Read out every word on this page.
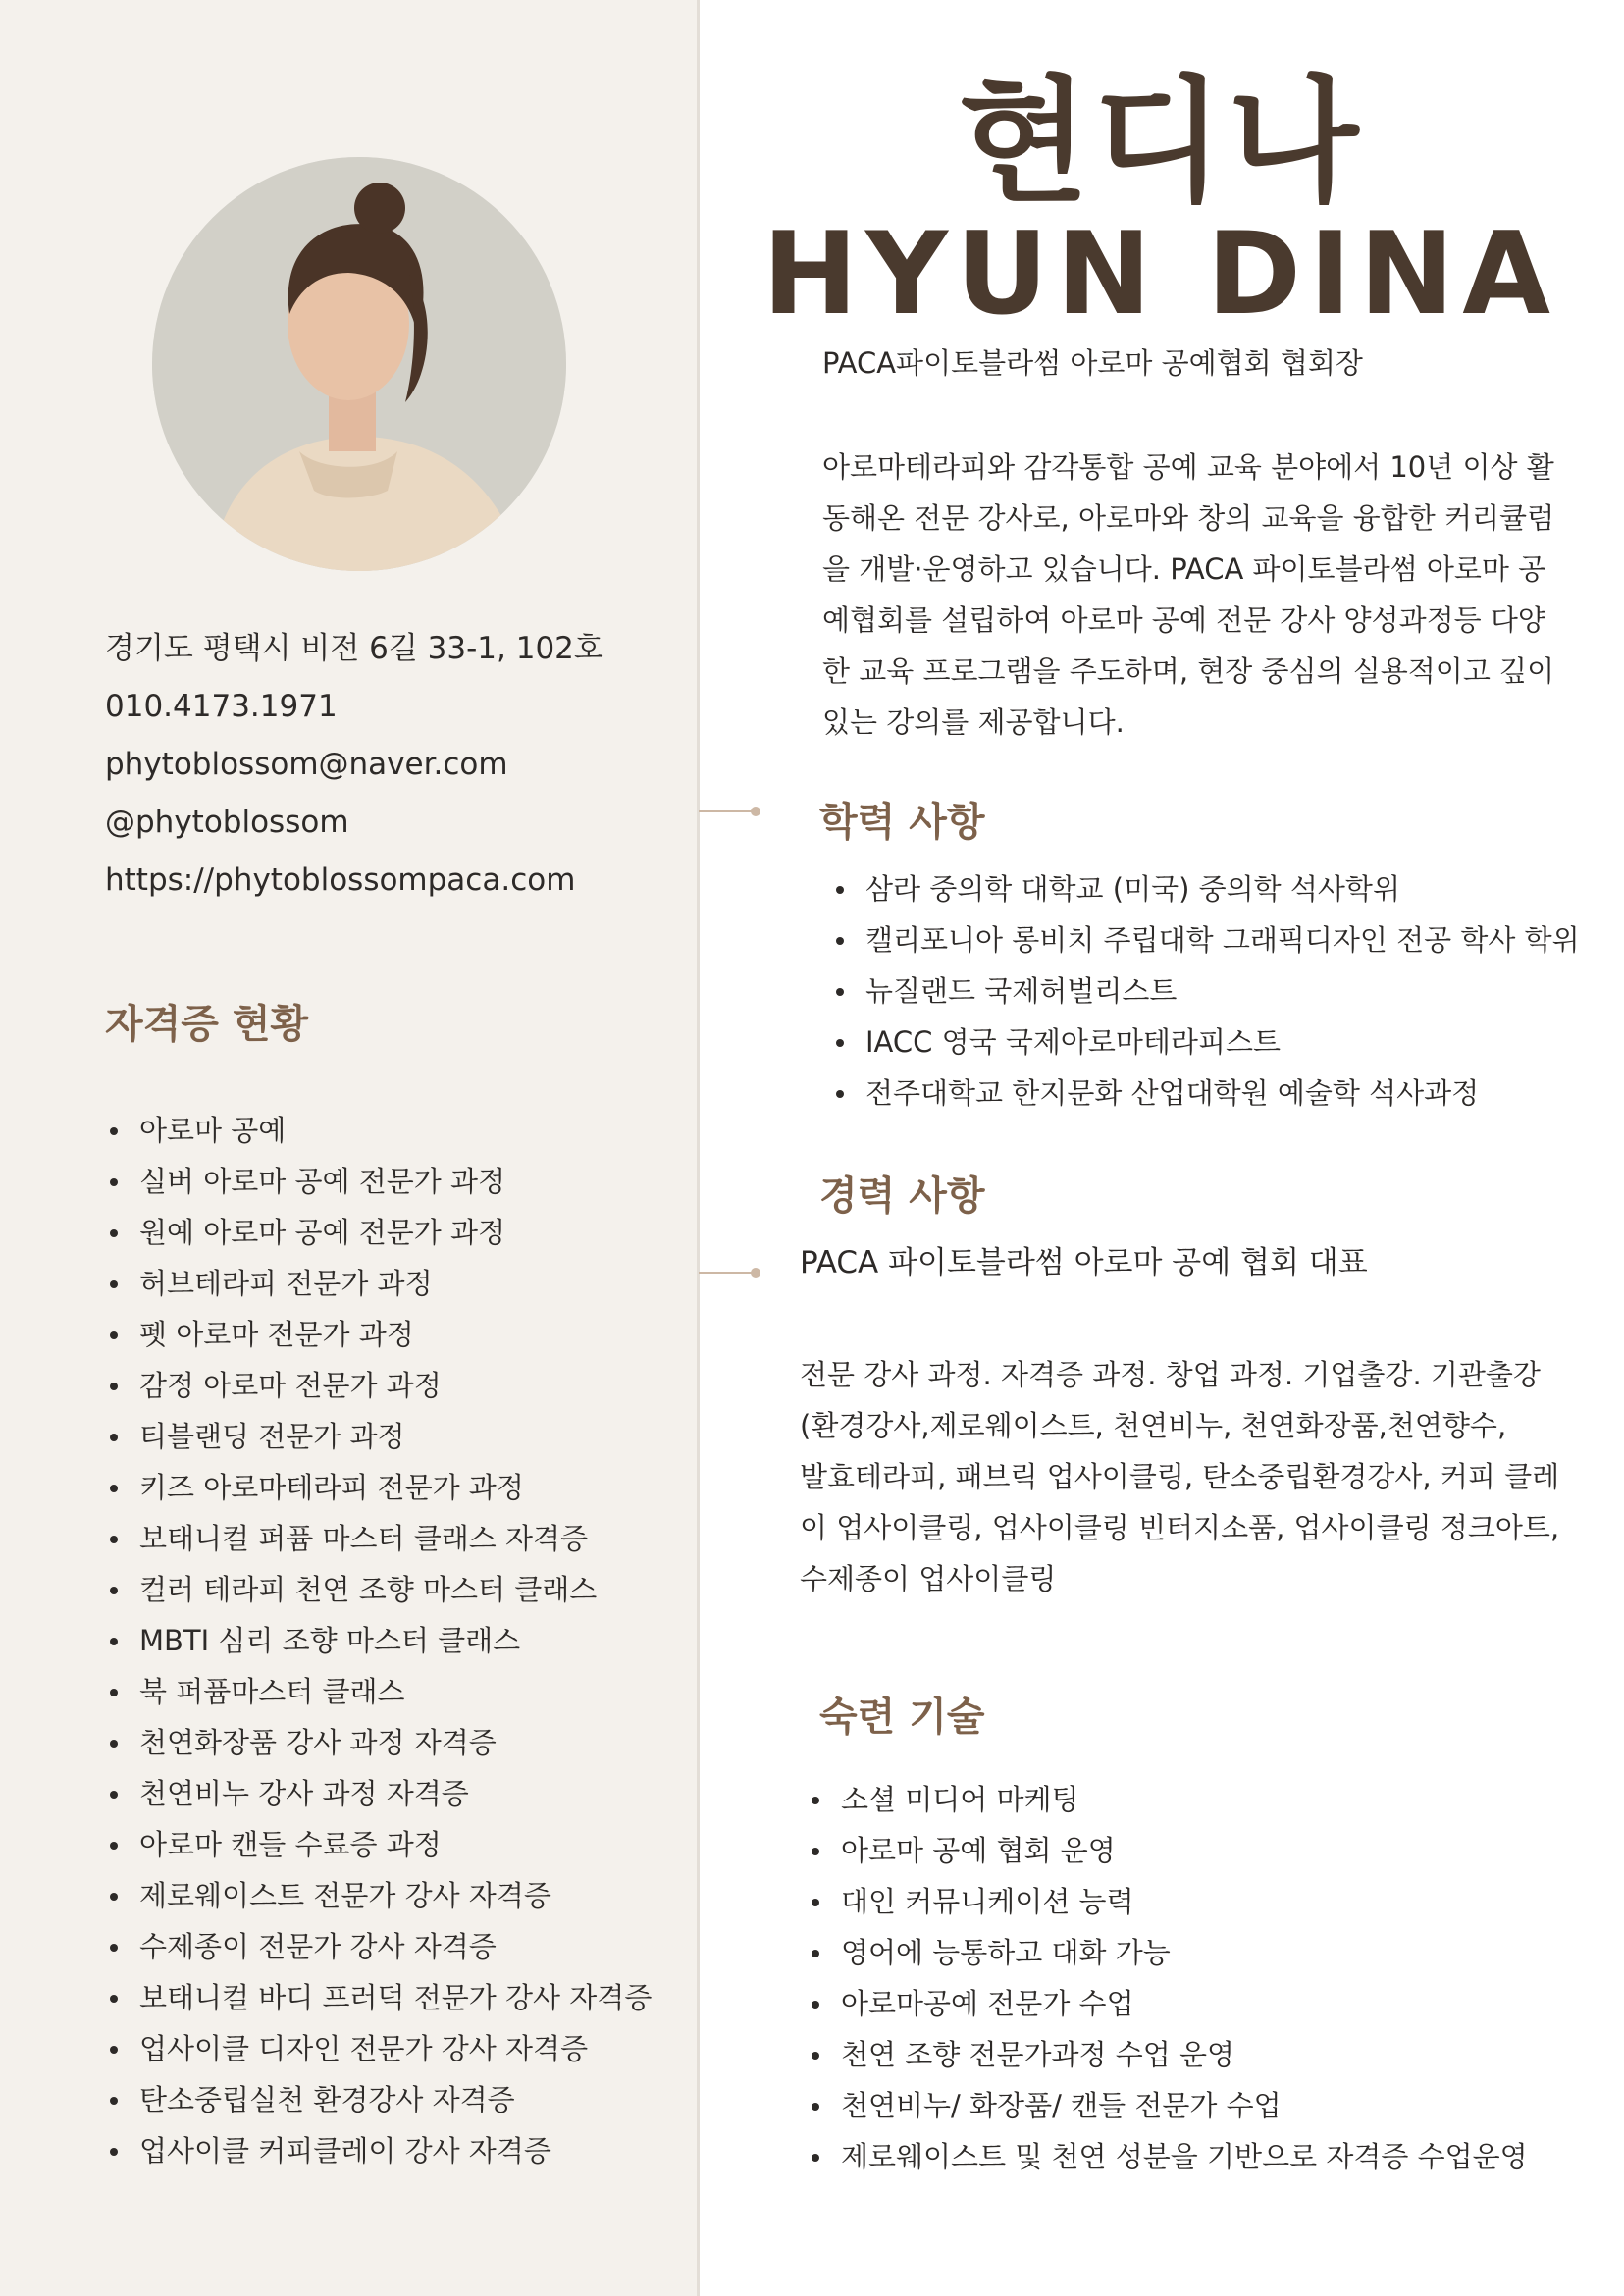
경기도 평택시 비전 6길 33-1, 102호
010.4173.1971
phytoblossom@naver.com
@phytoblossom
https://phytoblossompaca.com
자격증 현황
아로마 공예
실버 아로마 공예 전문가 과정
원예 아로마 공예 전문가 과정
허브테라피 전문가 과정
펫 아로마 전문가 과정
감정 아로마 전문가 과정
티블랜딩 전문가 과정
키즈 아로마테라피 전문가 과정
보태니컬 퍼퓸 마스터 클래스 자격증
컬러 테라피 천연 조향 마스터 클래스
MBTI 심리 조향 마스터 클래스
북 퍼퓸마스터 클래스
천연화장품 강사 과정 자격증
천연비누 강사 과정 자격증
아로마 캔들 수료증 과정
제로웨이스트 전문가 강사 자격증
수제종이 전문가 강사 자격증
보태니컬 바디 프러덕 전문가 강사 자격증
업사이클 디자인 전문가 강사 자격증
탄소중립실천 환경강사 자격증
업사이클 커피클레이 강사 자격증
현디나
HYUN DINA
PACA파이토블라썸 아로마 공예협회 협회장
아로마테라피와 감각통합 공예 교육 분야에서 10년 이상 활
동해온 전문 강사로, 아로마와 창의 교육을 융합한 커리큘럼
을 개발·운영하고 있습니다. PACA 파이토블라썸 아로마 공
예협회를 설립하여 아로마 공예 전문 강사 양성과정등 다양
한 교육 프로그램을 주도하며, 현장 중심의 실용적이고 깊이
있는 강의를 제공합니다.
학력 사항
삼라 중의학 대학교 (미국) 중의학 석사학위
캘리포니아 롱비치 주립대학 그래픽디자인 전공 학사 학위
뉴질랜드 국제허벌리스트
IACC 영국 국제아로마테라피스트
전주대학교 한지문화 산업대학원 예술학 석사과정
경력 사항
PACA 파이토블라썸 아로마 공예 협회 대표
전문 강사 과정. 자격증 과정. 창업 과정. 기업출강. 기관출강
(환경강사,제로웨이스트, 천연비누, 천연화장품,천연향수,
발효테라피, 패브릭 업사이클링, 탄소중립환경강사, 커피 클레
이 업사이클링, 업사이클링 빈터지소품, 업사이클링 정크아트,
수제종이 업사이클링
숙련 기술
소셜 미디어 마케팅
아로마 공예 협회 운영
대인 커뮤니케이션 능력
영어에 능통하고 대화 가능
아로마공예 전문가 수업
천연 조향 전문가과정 수업 운영
천연비누/ 화장품/ 캔들 전문가 수업
제로웨이스트 및 천연 성분을 기반으로 자격증 수업운영
